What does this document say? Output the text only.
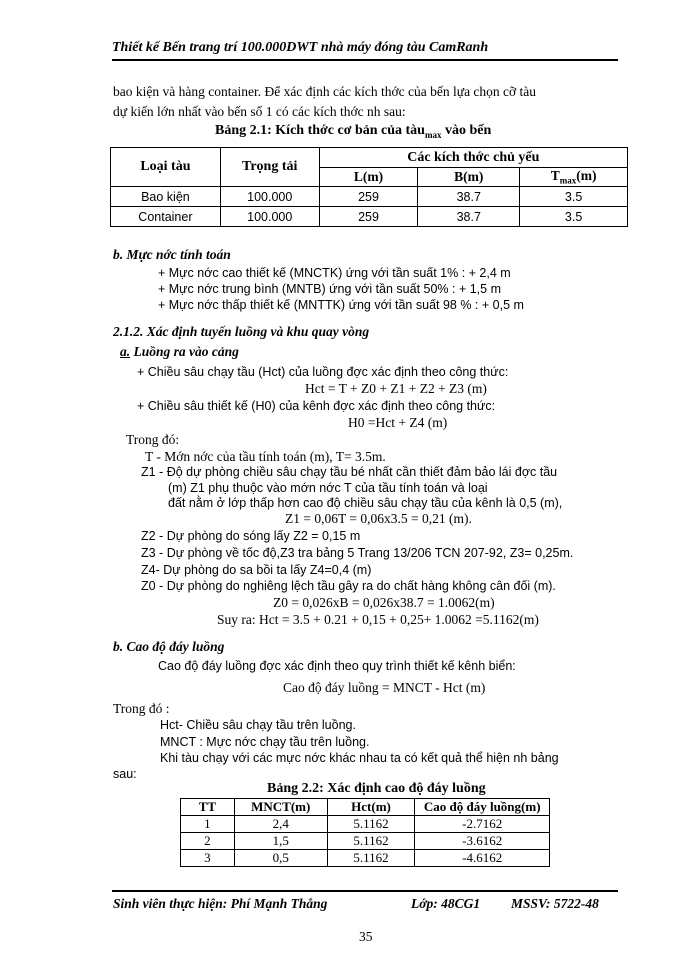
Thiết kế Bến trang trí 100.000DWT nhà máy đóng tàu CamRanh
bao kiện và hàng container. Để xác định các kích thớc của bến lựa chọn cỡ tàu
dự kiến lớn nhất vào bến số 1 có các kích thớc nh sau:
Bảng 2.1: Kích thớc cơ bản của tàu$_{max}$ vào bến
Loại tàu	Trọng tải	Các kích thớc chủ yếu		
		L(m)	B(m)	$T_{max}(m)$
Bao kiện	100.000	259	38.7	3.5
Container	100.000	259	38.7	3.5
b. Mực nớc tính toán
+ Mực nớc cao thiết kế (MNCTK) ứng với tần suất 1% : + 2,4 m
+ Mực nớc trung bình (MNTB) ứng với tần suất 50% : + 1,5 m
+ Mực nớc thấp thiết kế (MNTTK) ứng với tần suất 98 % : + 0,5 m
2.1.2. Xác định tuyến luồng và khu quay vòng
a. Luồng ra vào cảng
+ Chiều sâu chạy tầu (Hct) của luồng đợc xác định theo công thức:
Hct = T + Z0 + Z1 + Z2 + Z3 (m)
+ Chiều sâu thiết kế (H0) của kênh đợc xác định theo công thức:
H0 =Hct + Z4 (m)
Trong đó:
T - Mớn nớc của tầu tính toán (m), T= 3.5m.
Z1 - Độ dự phòng chiều sâu chạy tầu bé nhất cần thiết đảm bảo lái đợc tầu
(m) Z1 phụ thuộc vào mớn nớc T của tầu tính toán và loại
đất nằm ở lớp thấp hơn cao độ chiều sâu chạy tầu của kênh là 0,5 (m),
Z1 = 0,06T = 0,06x3.5 = 0,21 (m).
Z2 - Dự phòng do sóng lấy Z2 = 0,15 m
Z3 - Dự phòng về tốc độ,Z3 tra bảng 5 Trang 13/206 TCN 207-92, Z3= 0,25m.
Z4- Dự phòng do sa bồi ta lấy Z4=0,4 (m)
Z0 - Dự phòng do nghiêng lệch tầu gây ra do chất hàng không cân đối (m).
Z0 = 0,026xB = 0,026x38.7 = 1.0062(m)
Suy ra: Hct = 3.5 + 0.21 + 0,15 + 0,25+ 1.0062 =5.1162(m)
b. Cao độ đáy luồng
Cao độ đáy luồng đợc xác định theo quy trình thiết kế kênh biển:
Cao độ đáy luồng = MNCT - Hct (m)
Trong đó :
Hct- Chiều sâu chạy tầu trên luồng.
MNCT : Mực nớc chạy tầu trên luồng.
Khi tàu chạy với các mực nớc khác nhau ta có kết quả thể hiện nh bảng
sau:
Bảng 2.2: Xác định cao độ đáy luồng
TT	MNCT(m)	Hct(m)	Cao độ đáy luồng(m)
1	2,4	5.1162	-2.7162
2	1,5	5.1162	-3.6162
3	0,5	5.1162	-4.6162
Sinh viên thực hiện: Phí Mạnh Thắng	Lớp: 48CG1 MSSV: 5722-48
35
